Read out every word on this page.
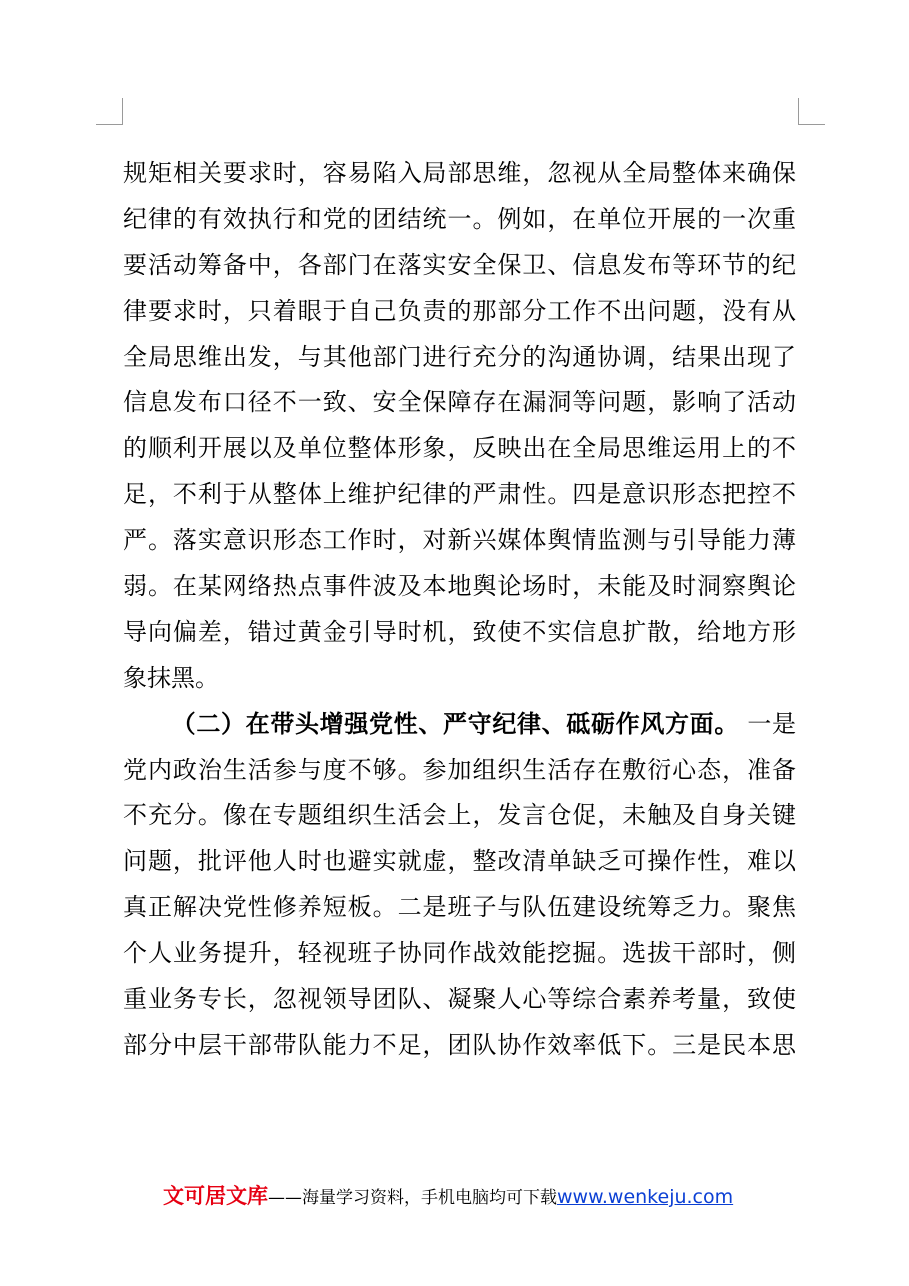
规矩相关要求时，容易陷入局部思维，忽视从全局整体来确保
纪律的有效执行和党的团结统一。例如，在单位开展的一次重
要活动筹备中，各部门在落实安全保卫、信息发布等环节的纪
律要求时，只着眼于自己负责的那部分工作不出问题，没有从
全局思维出发，与其他部门进行充分的沟通协调，结果出现了
信息发布口径不一致、安全保障存在漏洞等问题，影响了活动
的顺利开展以及单位整体形象，反映出在全局思维运用上的不
足，不利于从整体上维护纪律的严肃性。四是意识形态把控不
严。落实意识形态工作时，对新兴媒体舆情监测与引导能力薄
弱。在某网络热点事件波及本地舆论场时，未能及时洞察舆论
导向偏差，错过黄金引导时机，致使不实信息扩散，给地方形
象抹黑。
（二）在带头增强党性、严守纪律、砥砺作风方面。 一是
党内政治生活参与度不够。参加组织生活存在敷衍心态，准备
不充分。像在专题组织生活会上，发言仓促，未触及自身关键
问题，批评他人时也避实就虚，整改清单缺乏可操作性，难以
真正解决党性修养短板。二是班子与队伍建设统筹乏力。聚焦
个人业务提升，轻视班子协同作战效能挖掘。选拔干部时，侧
重业务专长，忽视领导团队、凝聚人心等综合素养考量，致使
部分中层干部带队能力不足，团队协作效率低下。三是民本思
文可居文库——海量学习资料，手机电脑均可下载www.wenkeju.com
